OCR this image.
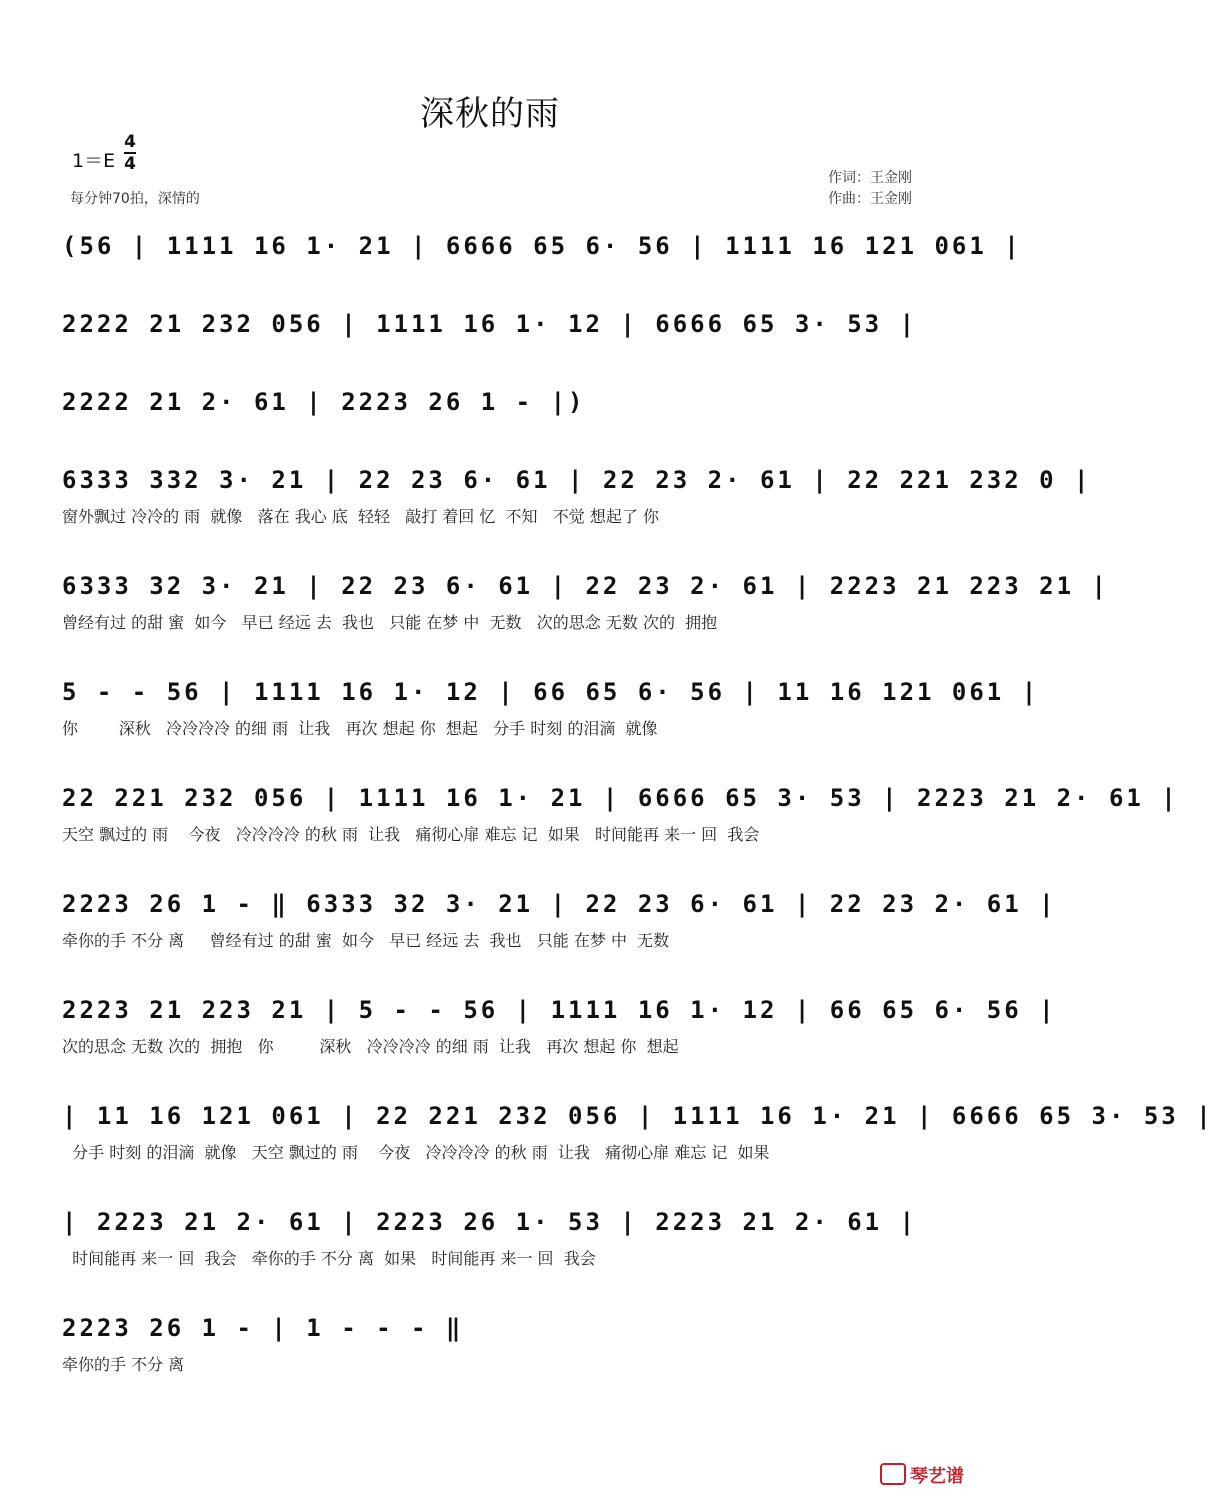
深秋的雨
1＝E
4
4
每分钟70拍，深情的
作词：王金刚
作曲：王金刚
(56 | 1111 16 1· 21 | 6666 65 6· 56 | 1111 16 121 061 |
2222 21 232 056 | 1111 16 1· 12 | 6666 65 3· 53 |
2222 21 2· 61 | 2223 26 1 - |)
6333 332 3· 21 | 22 23 6· 61 | 22 23 2· 61 | 22 221 232 0 |
窗外飘过 冷冷的 雨  就像   落在 我心 底  轻轻   敲打 着回 忆  不知   不觉 想起了 你
6333 32 3· 21 | 22 23 6· 61 | 22 23 2· 61 | 2223 21 223 21 |
曾经有过 的甜 蜜  如今   早已 经远 去  我也   只能 在梦 中  无数   次的思念 无数 次的  拥抱
5 - - 56 | 1111 16 1· 12 | 66 65 6· 56 | 11 16 121 061 |
你        深秋   冷冷冷冷 的细 雨  让我   再次 想起 你  想起   分手 时刻 的泪滴  就像
22 221 232 056 | 1111 16 1· 21 | 6666 65 3· 53 | 2223 21 2· 61 |
天空 飘过的 雨    今夜   冷冷冷冷 的秋 雨  让我   痛彻心扉 难忘 记  如果   时间能再 来一 回  我会
2223 26 1 - ‖ 6333 32 3· 21 | 22 23 6· 61 | 22 23 2· 61 |
牵你的手 不分 离     曾经有过 的甜 蜜  如今   早已 经远 去  我也   只能 在梦 中  无数
2223 21 223 21 | 5 - - 56 | 1111 16 1· 12 | 66 65 6· 56 |
次的思念 无数 次的  拥抱   你         深秋   冷冷冷冷 的细 雨  让我   再次 想起 你  想起
| 11 16 121 061 | 22 221 232 056 | 1111 16 1· 21 | 6666 65 3· 53 |
分手 时刻 的泪滴  就像   天空 飘过的 雨    今夜   冷冷冷冷 的秋 雨  让我   痛彻心扉 难忘 记  如果
| 2223 21 2· 61 | 2223 26 1· 53 | 2223 21 2· 61 |
时间能再 来一 回  我会   牵你的手 不分 离  如果   时间能再 来一 回  我会
2223 26 1 - | 1 - - - ‖
牵你的手 不分 离
琴艺谱
